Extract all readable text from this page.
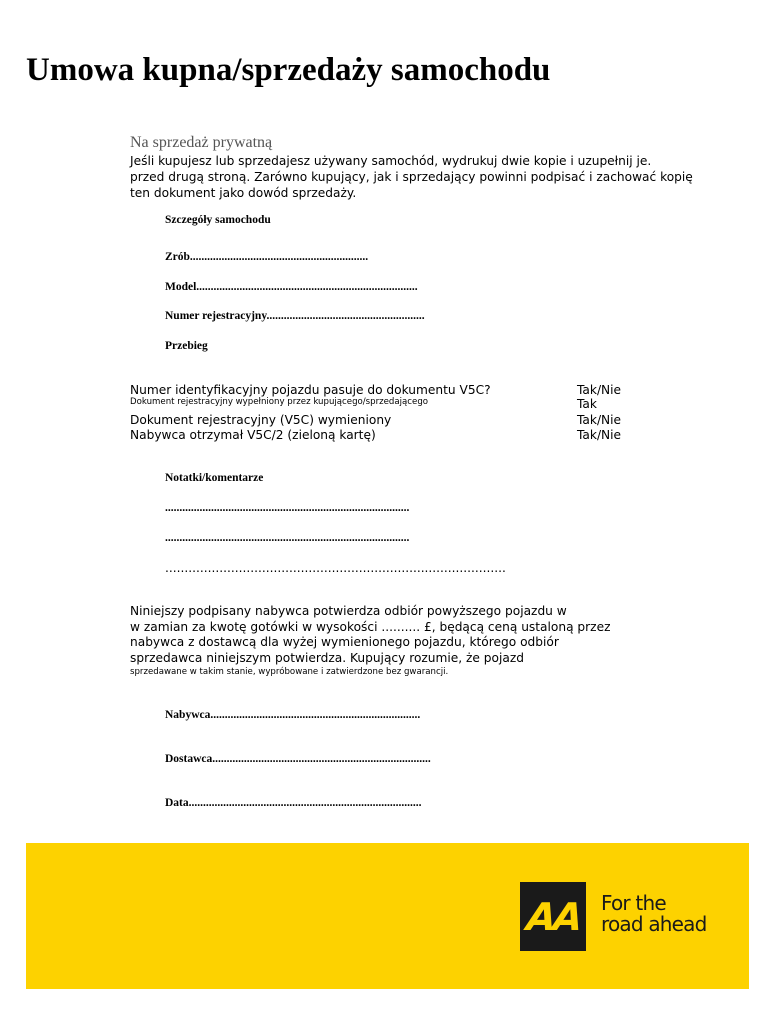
Umowa kupna/sprzedaży samochodu
Na sprzedaż prywatną
Jeśli kupujesz lub sprzedajesz używany samochód, wydrukuj dwie kopie i uzupełnij je.
przed drugą stroną. Zarówno kupujący, jak i sprzedający powinni podpisać i zachować kopię
ten dokument jako dowód sprzedaży.
Szczegóły samochodu
Zrób..............................................................
Model.............................................................................
Numer rejestracyjny.......................................................
Przebieg
Numer identyfikacyjny pojazdu pasuje do dokumentu V5C?	Tak/Nie
Dokument rejestracyjny wypełniony przez kupującego/sprzedającego	Tak
Dokument rejestracyjny (V5C) wymieniony	Tak/Nie
Nabywca otrzymał V5C/2 (zieloną kartę)	Tak/Nie
Notatki/komentarze
.....................................................................................
.....................................................................................
........................................................................................
Niniejszy podpisany nabywca potwierdza odbiór powyższego pojazdu w
w zamian za kwotę gotówki w wysokości .......... £, będącą ceną ustaloną przez
nabywca z dostawcą dla wyżej wymienionego pojazdu, którego odbiór
sprzedawca niniejszym potwierdza. Kupujący rozumie, że pojazd
sprzedawane w takim stanie, wypróbowane i zatwierdzone bez gwarancji.
Nabywca.........................................................................
Dostawca............................................................................
Data.................................................................................
AA For the
road ahead
